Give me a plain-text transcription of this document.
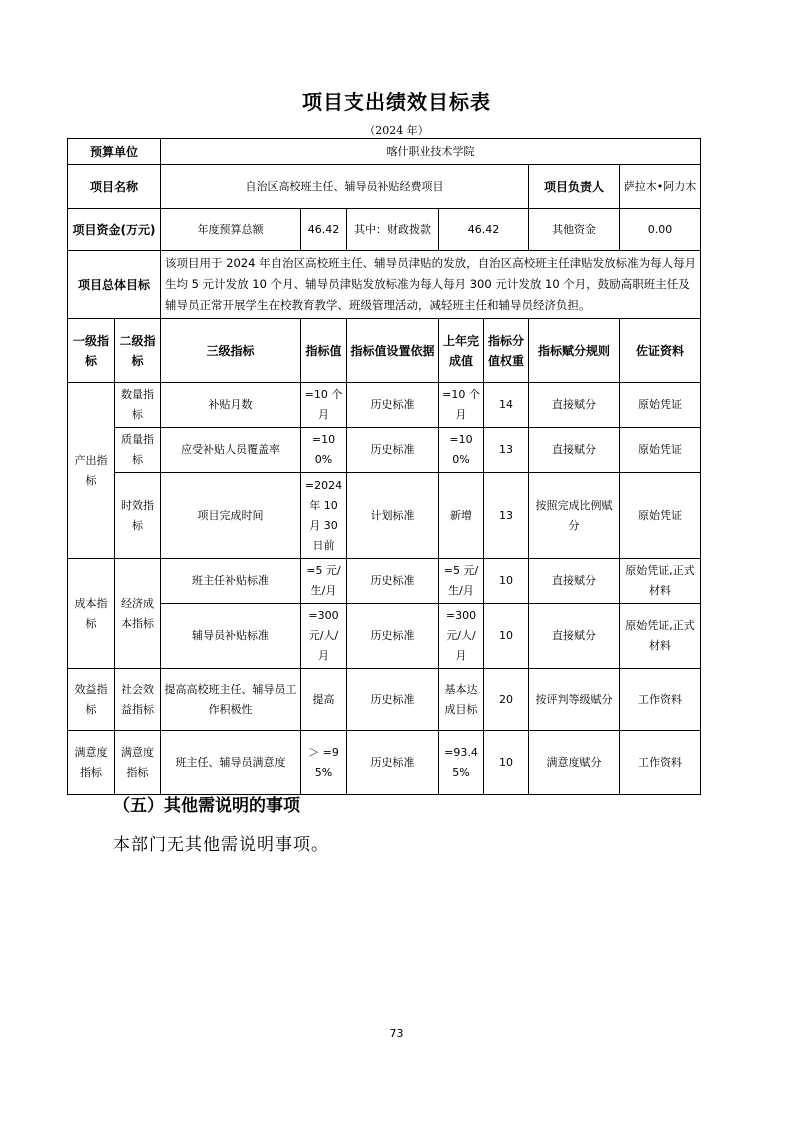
项目支出绩效目标表
（2024 年）
预算单位		喀什职业技术学院						
项目名称		自治区高校班主任、辅导员补贴经费项目					项目负责人	萨拉木•阿力木
项目资金(万元)		年度预算总额	46.42	其中：财政拨款	46.42		其他资金	0.00
项目总体目标		该项目用于 2024 年自治区高校班主任、辅导员津贴的发放，自治区高校班主任津贴发放标准为每人每月生均 5 元计发放 10 个月、辅导员津贴发放标准为每人每月 300 元计发放 10 个月，鼓励高职班主任及辅导员正常开展学生在校教育教学、班级管理活动，减轻班主任和辅导员经济负担。						
一级指标	二级指标	三级指标	指标值	指标值设置依据	上年完成值	指标分值权重	指标赋分规则	佐证资料
产出指标	数量指标	补贴月数	=10 个月	历史标准	=10 个月	14	直接赋分	原始凭证
	质量指标	应受补贴人员覆盖率	=100%	历史标准	=100%	13	直接赋分	原始凭证
	时效指标	项目完成时间	=2024 年 10 月 30 日前	计划标准	新增	13	按照完成比例赋分	原始凭证
成本指标	经济成本指标	班主任补贴标准	=5 元/生/月	历史标准	=5 元/生/月	10	直接赋分	原始凭证,正式材料
		辅导员补贴标准	=300 元/人/月	历史标准	=300 元/人/月	10	直接赋分	原始凭证,正式材料
效益指标	社会效益指标	提高高校班主任、辅导员工作积极性	提高	历史标准	基本达成目标	20	按评判等级赋分	工作资料
满意度指标	满意度指标	班主任、辅导员满意度	＞ =95%	历史标准	=93.45%	10	满意度赋分	工作资料
（五）其他需说明的事项
本部门无其他需说明事项。
73
